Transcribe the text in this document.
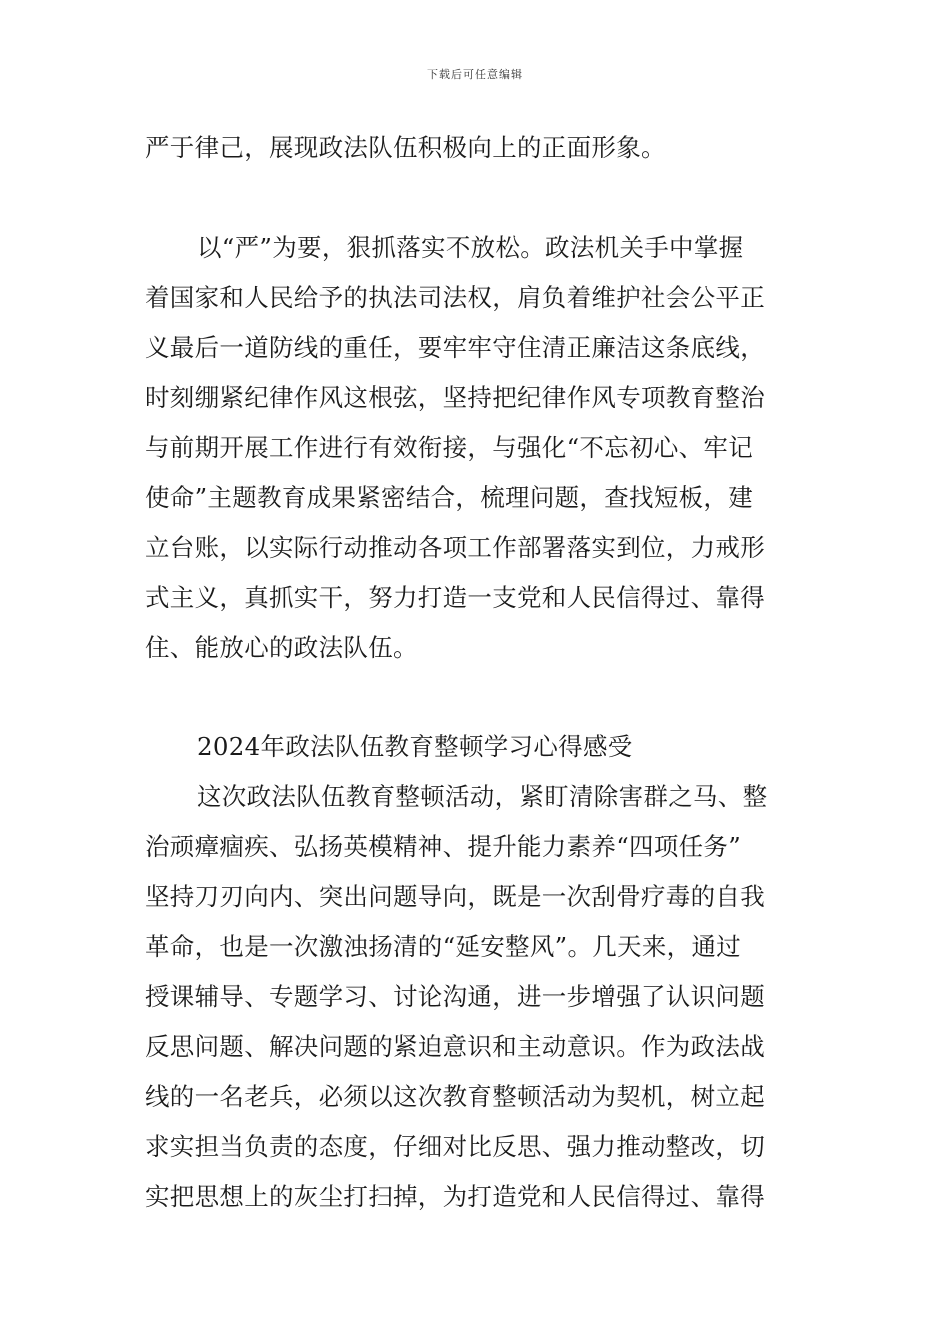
下载后可任意编辑
严于律己，展现政法队伍积极向上的正面形象。
以“严”为要，狠抓落实不放松。政法机关手中掌握
着国家和人民给予的执法司法权，肩负着维护社会公平正
义最后一道防线的重任，要牢牢守住清正廉洁这条底线，
时刻绷紧纪律作风这根弦，坚持把纪律作风专项教育整治
与前期开展工作进行有效衔接，与强化“不忘初心、牢记
使命”主题教育成果紧密结合，梳理问题，查找短板，建
立台账，以实际行动推动各项工作部署落实到位，力戒形
式主义，真抓实干，努力打造一支党和人民信得过、靠得
住、能放心的政法队伍。
2024年政法队伍教育整顿学习心得感受
这次政法队伍教育整顿活动，紧盯清除害群之马、整
治顽瘴痼疾、弘扬英模精神、提升能力素养“四项任务”
坚持刀刃向内、突出问题导向，既是一次刮骨疗毒的自我
革命，也是一次激浊扬清的“延安整风”。几天来，通过
授课辅导、专题学习、讨论沟通，进一步增强了认识问题
反思问题、解决问题的紧迫意识和主动意识。作为政法战
线的一名老兵，必须以这次教育整顿活动为契机，树立起
求实担当负责的态度，仔细对比反思、强力推动整改，切
实把思想上的灰尘打扫掉，为打造党和人民信得过、靠得
